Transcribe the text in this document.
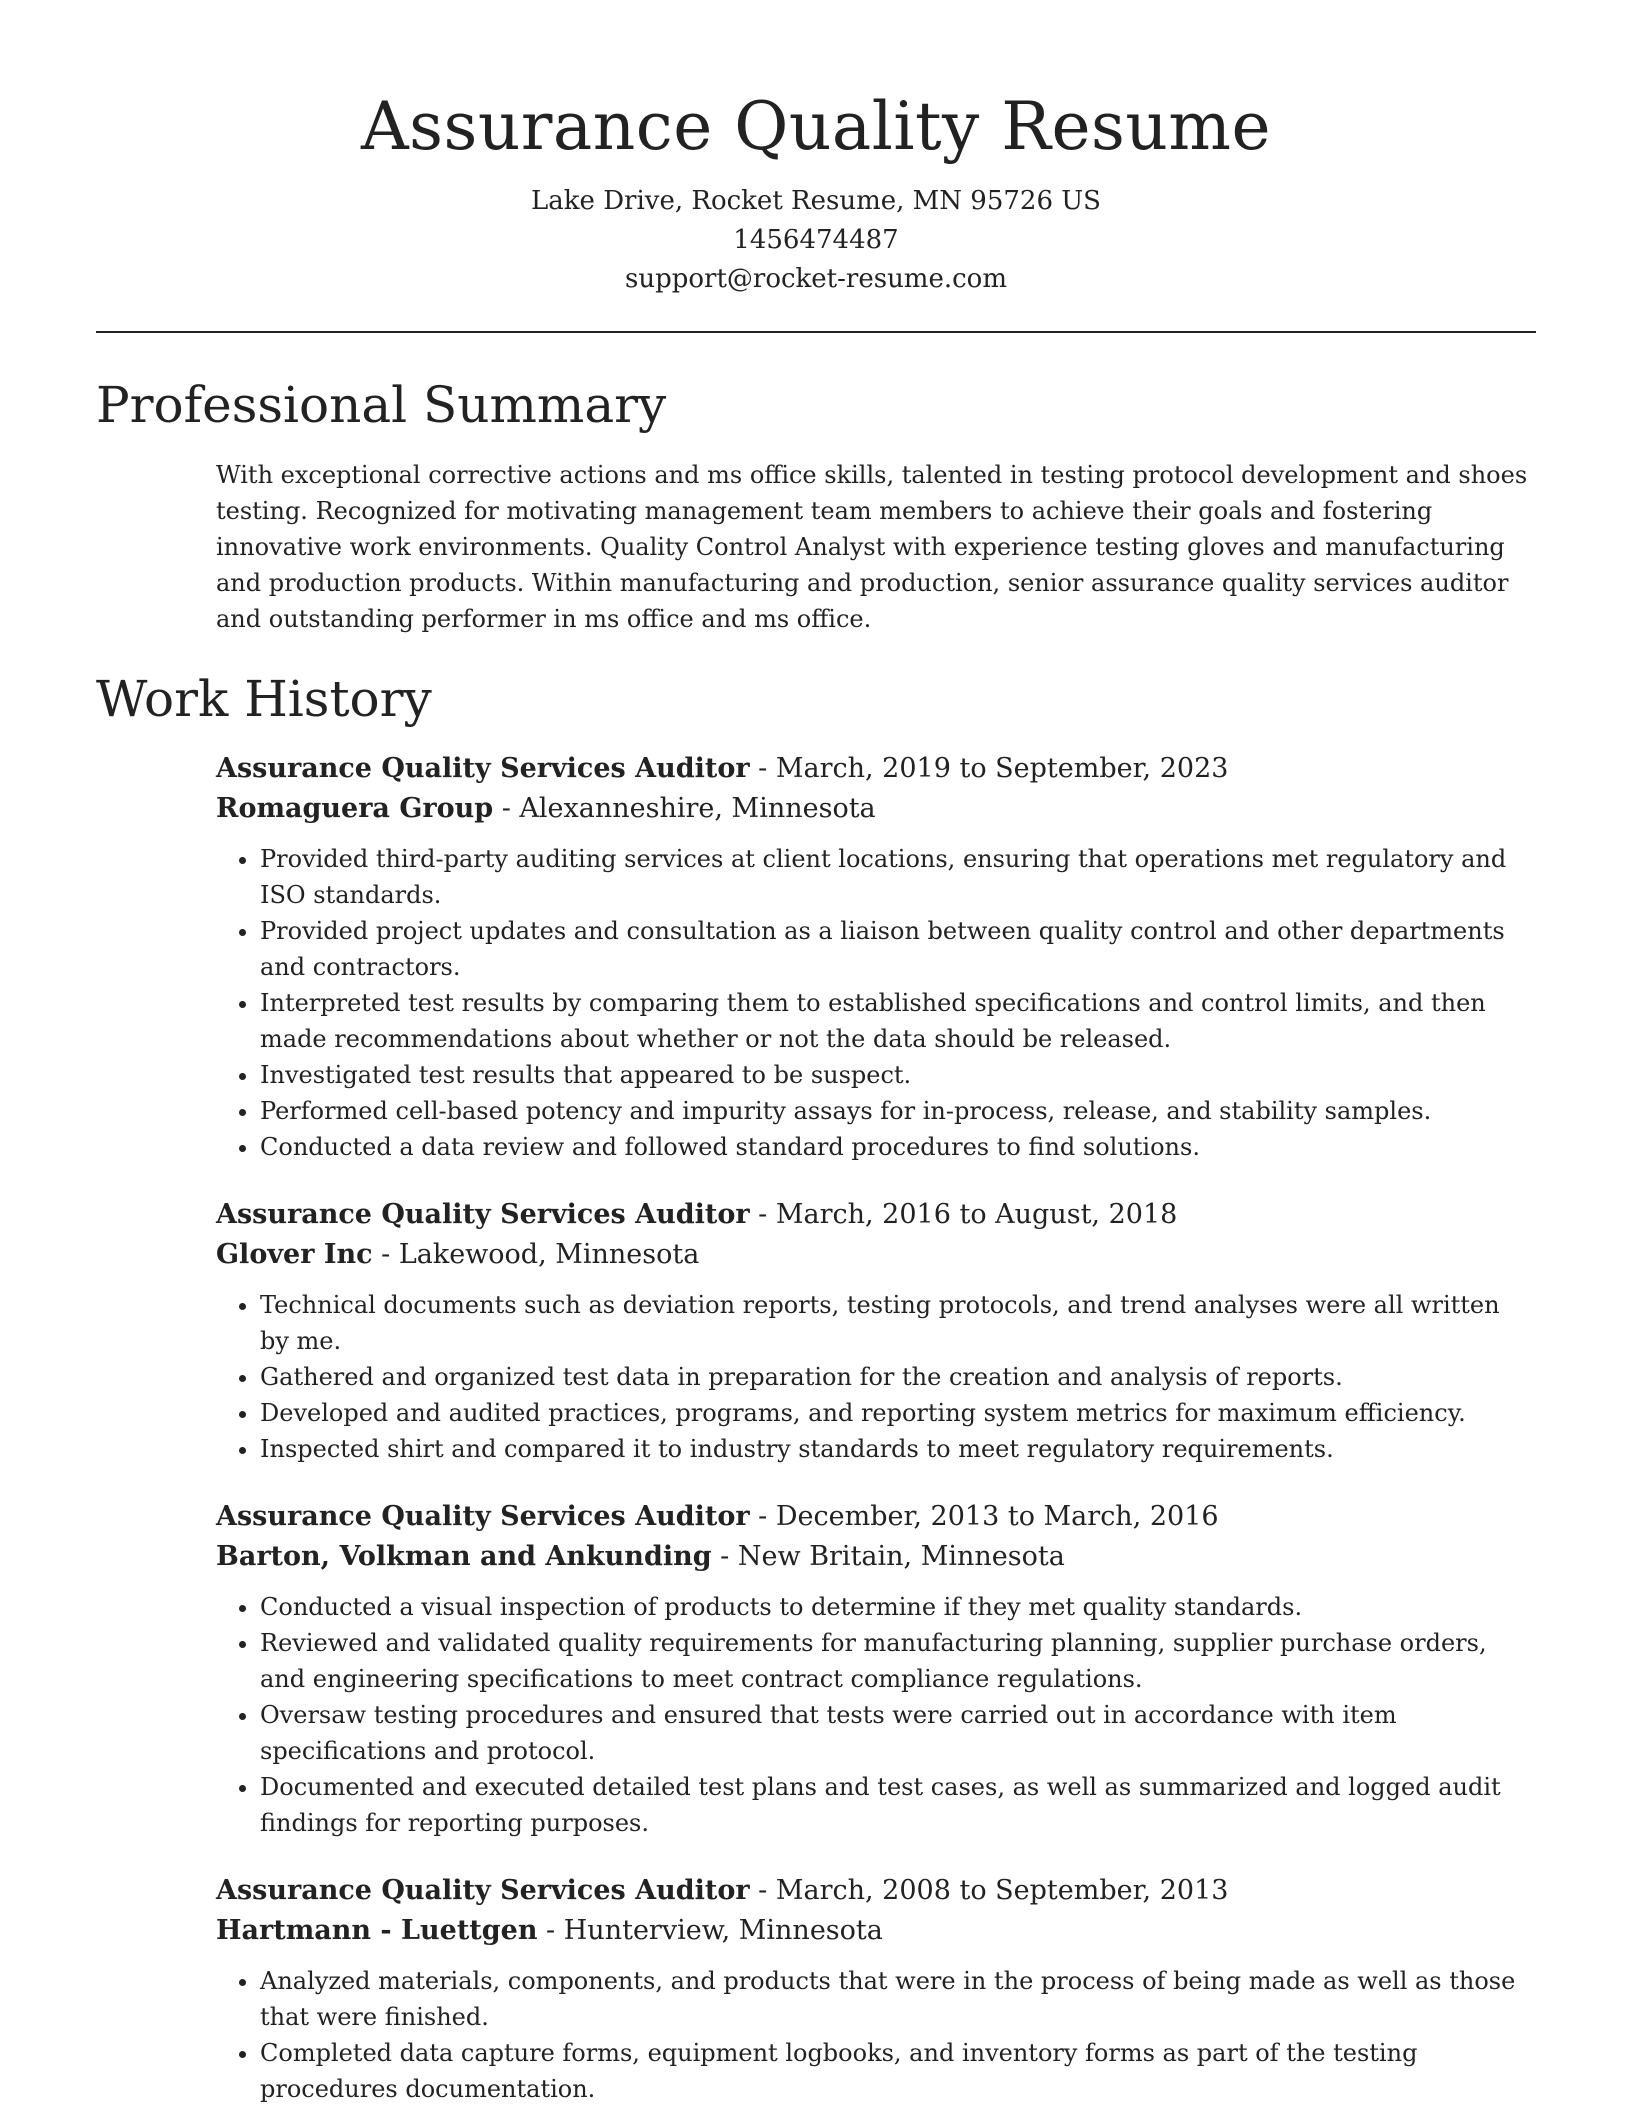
Assurance Quality Resume
Lake Drive, Rocket Resume, MN 95726 US
1456474487
support@rocket-resume.com
Professional Summary

With exceptional corrective actions and ms office skills, talented in testing protocol development and shoes testing. Recognized for motivating management team members to achieve their goals and fostering innovative work environments. Quality Control Analyst with experience testing gloves and manufacturing and production products. Within manufacturing and production, senior assurance quality services auditor and outstanding performer in ms office and ms office.

Work History
Assurance Quality Services Auditor - March, 2019 to September, 2023
Romaguera Group - Alexanneshire, Minnesota
• Provided third-party auditing services at client locations, ensuring that operations met regulatory and ISO standards.
• Provided project updates and consultation as a liaison between quality control and other departments and contractors.
• Interpreted test results by comparing them to established specifications and control limits, and then made recommendations about whether or not the data should be released.
• Investigated test results that appeared to be suspect.
• Performed cell-based potency and impurity assays for in-process, release, and stability samples.
• Conducted a data review and followed standard procedures to find solutions.
Assurance Quality Services Auditor - March, 2016 to August, 2018
Glover Inc - Lakewood, Minnesota
• Technical documents such as deviation reports, testing protocols, and trend analyses were all written by me.
• Gathered and organized test data in preparation for the creation and analysis of reports.
• Developed and audited practices, programs, and reporting system metrics for maximum efficiency.
• Inspected shirt and compared it to industry standards to meet regulatory requirements.
Assurance Quality Services Auditor - December, 2013 to March, 2016
Barton, Volkman and Ankunding - New Britain, Minnesota
• Conducted a visual inspection of products to determine if they met quality standards.
• Reviewed and validated quality requirements for manufacturing planning, supplier purchase orders, and engineering specifications to meet contract compliance regulations.
• Oversaw testing procedures and ensured that tests were carried out in accordance with item specifications and protocol.
• Documented and executed detailed test plans and test cases, as well as summarized and logged audit findings for reporting purposes.
Assurance Quality Services Auditor - March, 2008 to September, 2013
Hartmann - Luettgen - Hunterview, Minnesota
• Analyzed materials, components, and products that were in the process of being made as well as those that were finished.
• Completed data capture forms, equipment logbooks, and inventory forms as part of the testing procedures documentation.
